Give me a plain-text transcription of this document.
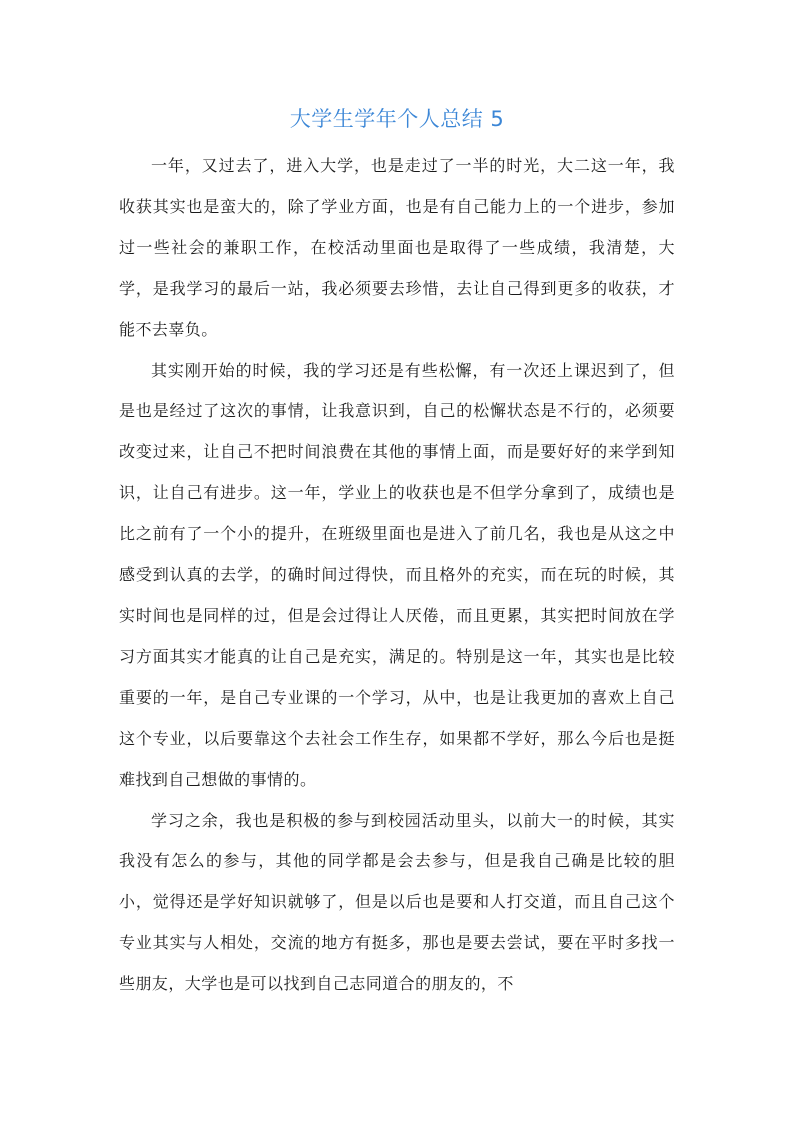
大学生学年个人总结 5

一年，又过去了，进入大学，也是走过了一半的时光，大二这一年，我收获其实也是蛮大的，除了学业方面，也是有自己能力上的一个进步，参加过一些社会的兼职工作，在校活动里面也是取得了一些成绩，我清楚，大学，是我学习的最后一站，我必须要去珍惜，去让自己得到更多的收获，才能不去辜负。

其实刚开始的时候，我的学习还是有些松懈，有一次还上课迟到了，但是也是经过了这次的事情，让我意识到，自己的松懈状态是不行的，必须要改变过来，让自己不把时间浪费在其他的事情上面，而是要好好的来学到知识，让自己有进步。这一年，学业上的收获也是不但学分拿到了，成绩也是比之前有了一个小的提升，在班级里面也是进入了前几名，我也是从这之中感受到认真的去学，的确时间过得快，而且格外的充实，而在玩的时候，其实时间也是同样的过，但是会过得让人厌倦，而且更累，其实把时间放在学习方面其实才能真的让自己是充实，满足的。特别是这一年，其实也是比较重要的一年，是自己专业课的一个学习，从中，也是让我更加的喜欢上自己这个专业，以后要靠这个去社会工作生存，如果都不学好，那么今后也是挺难找到自己想做的事情的。

学习之余，我也是积极的参与到校园活动里头，以前大一的时候，其实我没有怎么的参与，其他的同学都是会去参与，但是我自己确是比较的胆小，觉得还是学好知识就够了，但是以后也是要和人打交道，而且自己这个专业其实与人相处，交流的地方有挺多，那也是要去尝试，要在平时多找一些朋友，大学也是可以找到自己志同道合的朋友的，不
